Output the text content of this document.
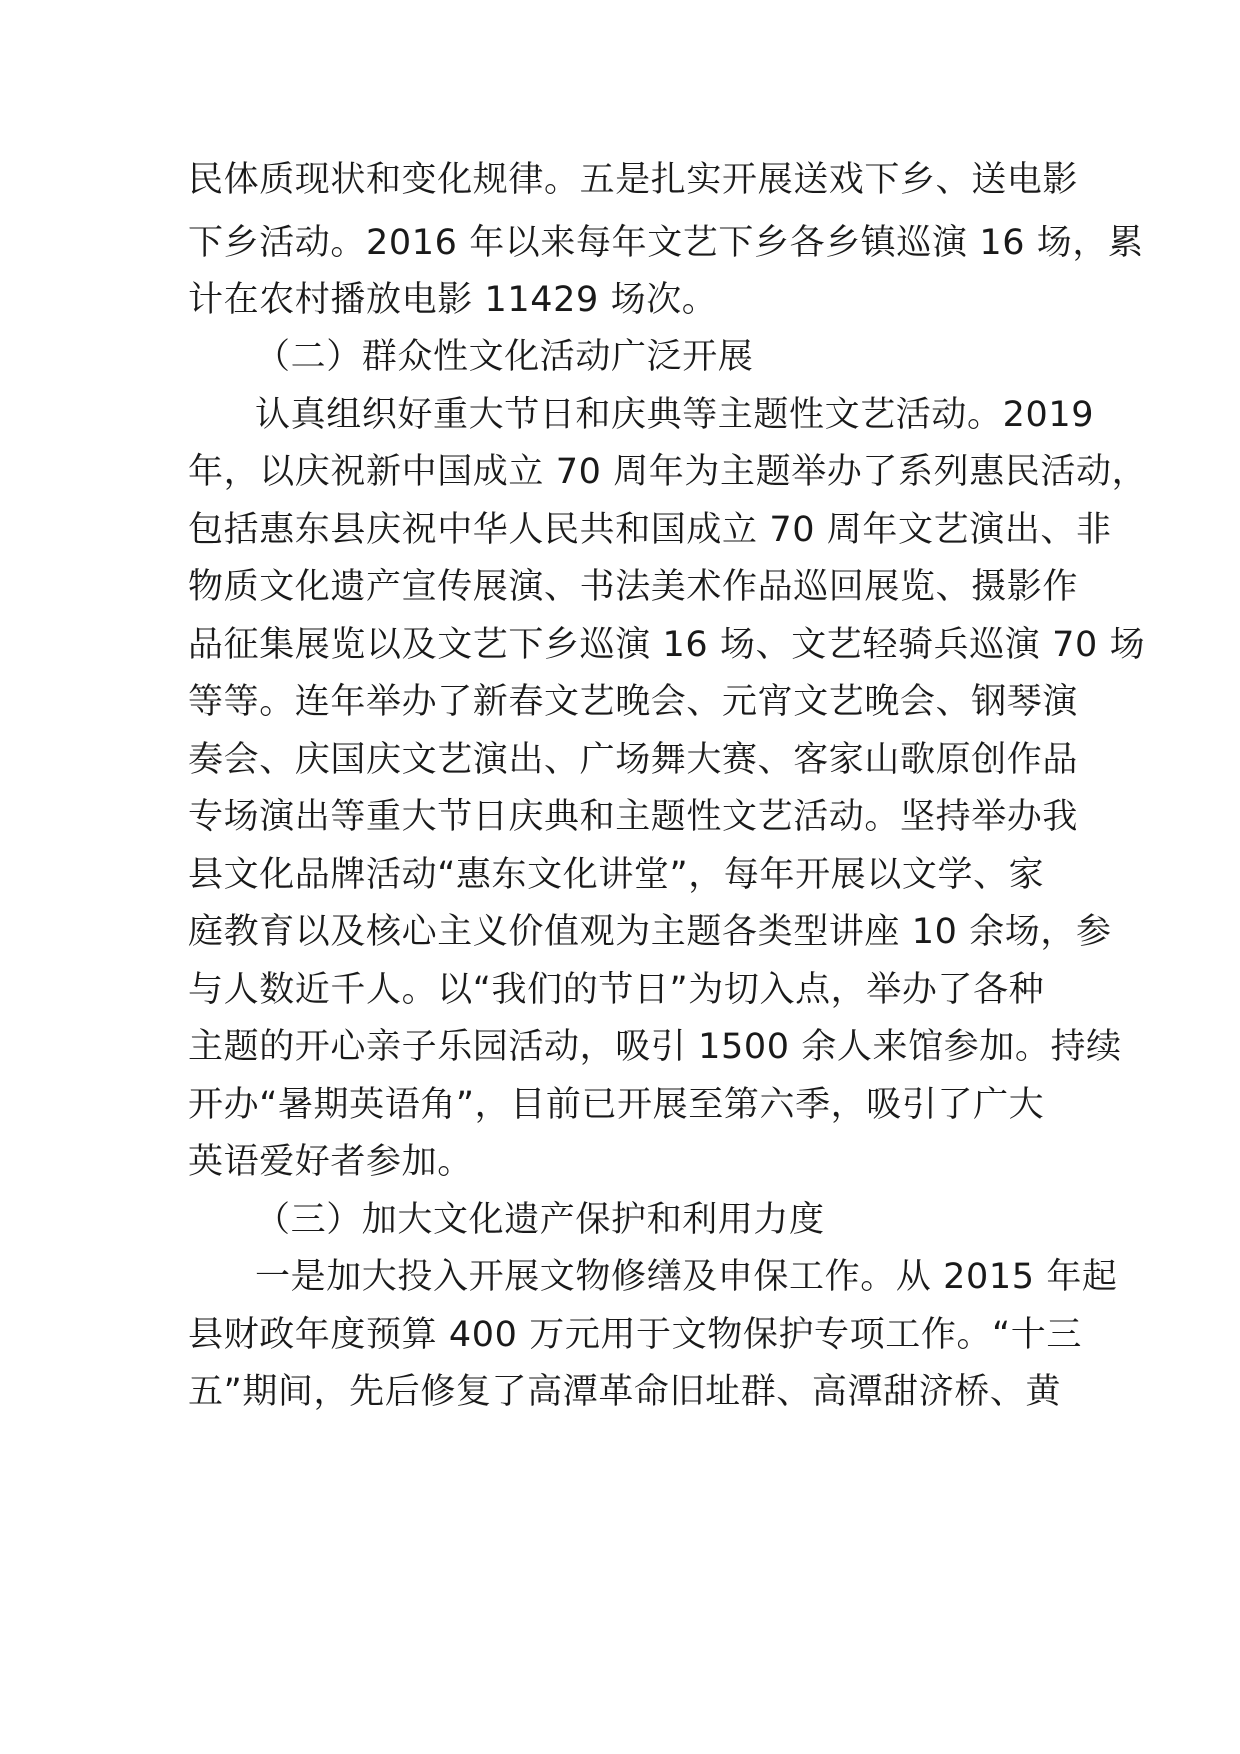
民体质现状和变化规律。五是扎实开展送戏下乡、送电影
下乡活动。2016 年以来每年文艺下乡各乡镇巡演 16 场，累
计在农村播放电影 11429 场次。
（二）群众性文化活动广泛开展
认真组织好重大节日和庆典等主题性文艺活动。2019
年，以庆祝新中国成立 70 周年为主题举办了系列惠民活动，
包括惠东县庆祝中华人民共和国成立 70 周年文艺演出、非
物质文化遗产宣传展演、书法美术作品巡回展览、摄影作
品征集展览以及文艺下乡巡演 16 场、文艺轻骑兵巡演 70 场
等等。连年举办了新春文艺晚会、元宵文艺晚会、钢琴演
奏会、庆国庆文艺演出、广场舞大赛、客家山歌原创作品
专场演出等重大节日庆典和主题性文艺活动。坚持举办我
县文化品牌活动“惠东文化讲堂”，每年开展以文学、家
庭教育以及核心主义价值观为主题各类型讲座 10 余场，参
与人数近千人。以“我们的节日”为切入点，举办了各种
主题的开心亲子乐园活动，吸引 1500 余人来馆参加。持续
开办“暑期英语角”，目前已开展至第六季，吸引了广大
英语爱好者参加。
（三）加大文化遗产保护和利用力度
一是加大投入开展文物修缮及申保工作。从 2015 年起
县财政年度预算 400 万元用于文物保护专项工作。“十三
五”期间，先后修复了高潭革命旧址群、高潭甜济桥、黄
